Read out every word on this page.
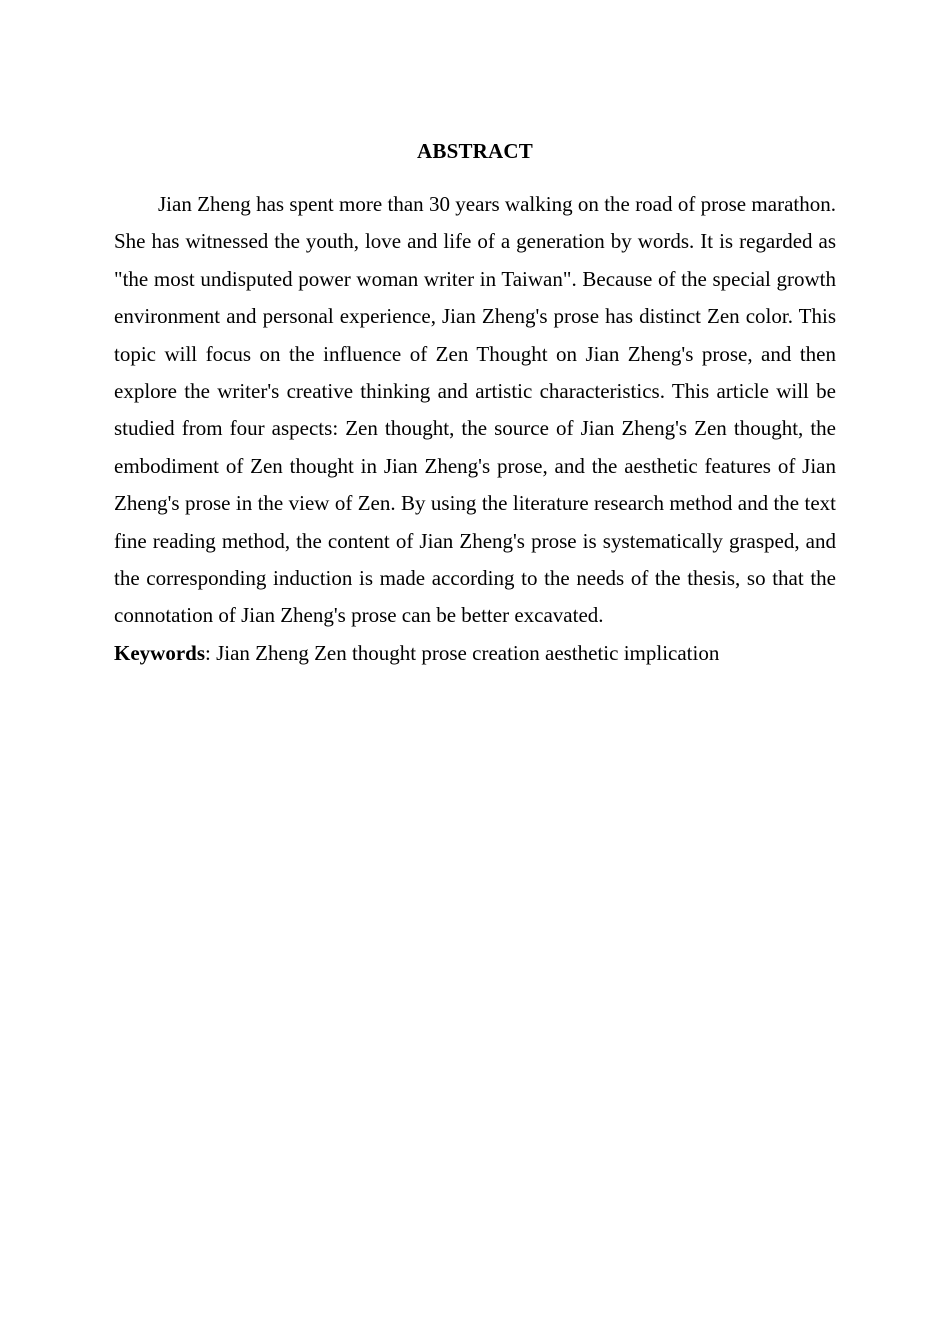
ABSTRACT

Jian Zheng has spent more than 30 years walking on the road of prose marathon. She has witnessed the youth, love and life of a generation by words. It is regarded as "the most undisputed power woman writer in Taiwan". Because of the special growth environment and personal experience, Jian Zheng's prose has distinct Zen color. This topic will focus on the influence of Zen Thought on Jian Zheng's prose, and then explore the writer's creative thinking and artistic characteristics. This article will be studied from four aspects: Zen thought, the source of Jian Zheng's Zen thought, the embodiment of Zen thought in Jian Zheng's prose, and the aesthetic features of Jian Zheng's prose in the view of Zen. By using the literature research method and the text fine reading method, the content of Jian Zheng's prose is systematically grasped, and the corresponding induction is made according to the needs of the thesis, so that the connotation of Jian Zheng's prose can be better excavated.

Keywords: Jian Zheng Zen thought prose creation aesthetic implication
